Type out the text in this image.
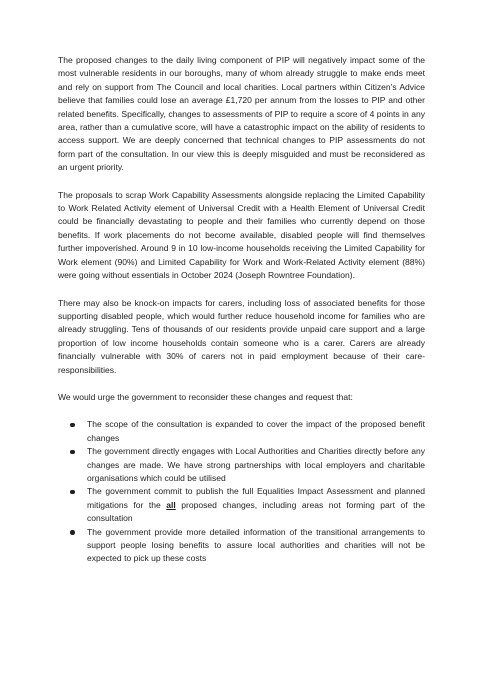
The proposed changes to the daily living component of PIP will negatively impact some of the most vulnerable residents in our boroughs, many of whom already struggle to make ends meet and rely on support from The Council and local charities. Local partners within Citizen’s Advice believe that families could lose an average £1,720 per annum from the losses to PIP and other related benefits. Specifically, changes to assessments of PIP to require a score of 4 points in any area, rather than a cumulative score, will have a catastrophic impact on the ability of residents to access support. We are deeply concerned that technical changes to PIP assessments do not form part of the consultation. In our view this is deeply misguided and must be reconsidered as an urgent priority.

The proposals to scrap Work Capability Assessments alongside replacing the Limited Capability to Work Related Activity element of Universal Credit with a Health Element of Universal Credit could be financially devastating to people and their families who currently depend on those benefits. If work placements do not become available, disabled people will find themselves further impoverished. Around 9 in 10 low-income households receiving the Limited Capability for Work element (90%) and Limited Capability for Work and Work-Related Activity element (88%) were going without essentials in October 2024 (Joseph Rowntree Foundation).

There may also be knock-on impacts for carers, including loss of associated benefits for those supporting disabled people, which would further reduce household income for families who are already struggling. Tens of thousands of our residents provide unpaid care support and a large proportion of low income households contain someone who is a carer. Carers are already financially vulnerable with 30% of carers not in paid employment because of their care-responsibilities.

We would urge the government to reconsider these changes and request that:

The scope of the consultation is expanded to cover the impact of the proposed benefit changes
The government directly engages with Local Authorities and Charities directly before any changes are made. We have strong partnerships with local employers and charitable organisations which could be utilised
The government commit to publish the full Equalities Impact Assessment and planned mitigations for the all proposed changes, including areas not forming part of the consultation
The government provide more detailed information of the transitional arrangements to support people losing benefits to assure local authorities and charities will not be expected to pick up these costs
